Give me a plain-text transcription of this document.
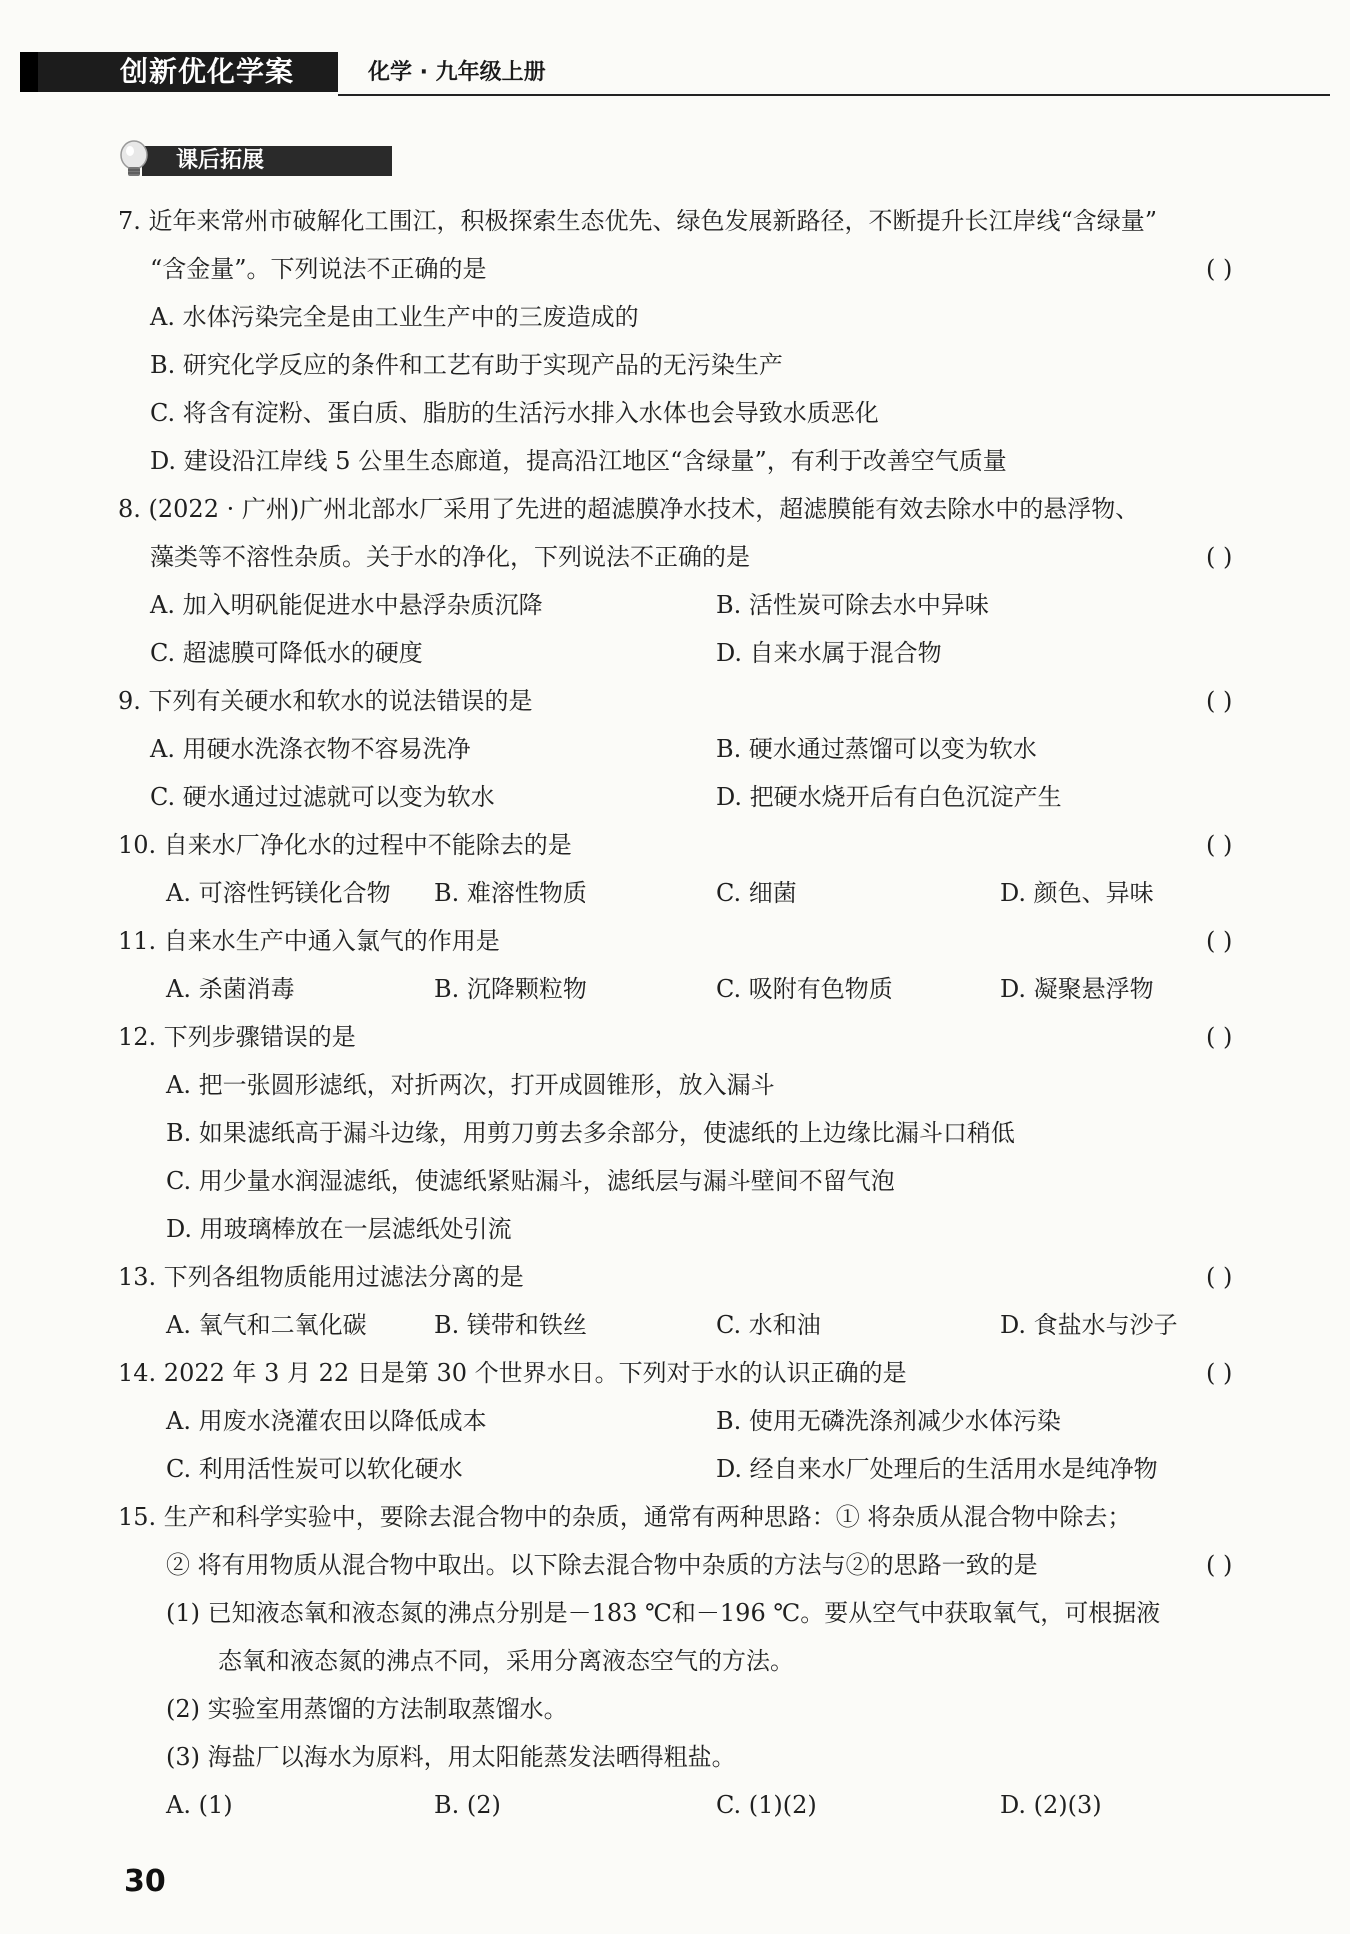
创新优化学案	化学 · 九年级上册
课后拓展
7. 近年来常州市破解化工围江，积极探索生态优先、绿色发展新路径，不断提升长江岸线“含绿量”
“含金量”。下列说法不正确的是	( )
A. 水体污染完全是由工业生产中的三废造成的
B. 研究化学反应的条件和工艺有助于实现产品的无污染生产
C. 将含有淀粉、蛋白质、脂肪的生活污水排入水体也会导致水质恶化
D. 建设沿江岸线 5 公里生态廊道，提高沿江地区“含绿量”，有利于改善空气质量
8. (2022 · 广州)广州北部水厂采用了先进的超滤膜净水技术，超滤膜能有效去除水中的悬浮物、
藻类等不溶性杂质。关于水的净化，下列说法不正确的是	( )
A. 加入明矾能促进水中悬浮杂质沉降	B. 活性炭可除去水中异味
C. 超滤膜可降低水的硬度	D. 自来水属于混合物
9. 下列有关硬水和软水的说法错误的是	( )
A. 用硬水洗涤衣物不容易洗净	B. 硬水通过蒸馏可以变为软水
C. 硬水通过过滤就可以变为软水	D. 把硬水烧开后有白色沉淀产生
10. 自来水厂净化水的过程中不能除去的是	( )
A. 可溶性钙镁化合物 B. 难溶性物质	C. 细菌	D. 颜色、异味
11. 自来水生产中通入氯气的作用是	( )
A. 杀菌消毒	B. 沉降颗粒物	C. 吸附有色物质	D. 凝聚悬浮物
12. 下列步骤错误的是	( )
A. 把一张圆形滤纸，对折两次，打开成圆锥形，放入漏斗
B. 如果滤纸高于漏斗边缘，用剪刀剪去多余部分，使滤纸的上边缘比漏斗口稍低
C. 用少量水润湿滤纸，使滤纸紧贴漏斗，滤纸层与漏斗壁间不留气泡
D. 用玻璃棒放在一层滤纸处引流
13. 下列各组物质能用过滤法分离的是	( )
A. 氧气和二氧化碳	B. 镁带和铁丝	C. 水和油	D. 食盐水与沙子
14. 2022 年 3 月 22 日是第 30 个世界水日。下列对于水的认识正确的是	( )
A. 用废水浇灌农田以降低成本	B. 使用无磷洗涤剂减少水体污染
C. 利用活性炭可以软化硬水	D. 经自来水厂处理后的生活用水是纯净物
15. 生产和科学实验中，要除去混合物中的杂质，通常有两种思路：① 将杂质从混合物中除去；
② 将有用物质从混合物中取出。以下除去混合物中杂质的方法与②的思路一致的是	( )
(1) 已知液态氧和液态氮的沸点分别是－183 ℃和－196 ℃。要从空气中获取氧气，可根据液
态氧和液态氮的沸点不同，采用分离液态空气的方法。
(2) 实验室用蒸馏的方法制取蒸馏水。
(3) 海盐厂以海水为原料，用太阳能蒸发法晒得粗盐。
A. (1)	B. (2)	C. (1)(2)	D. (2)(3)
30
